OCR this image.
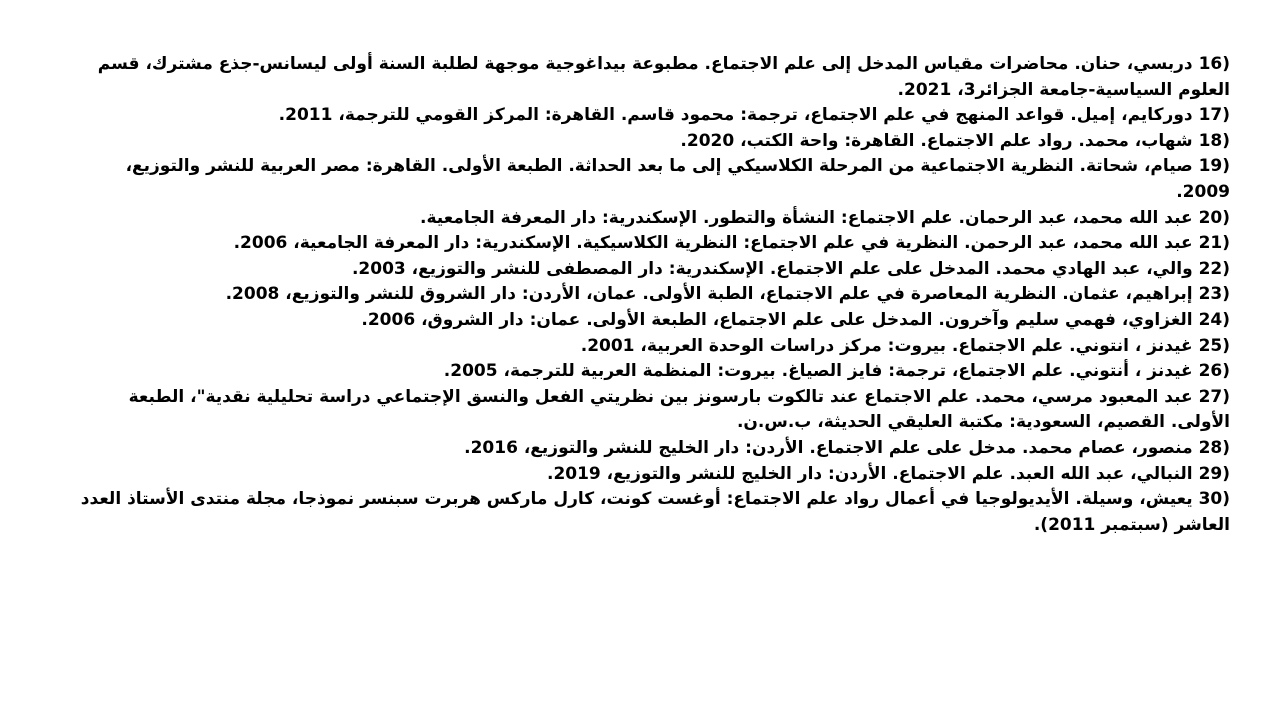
16) دربسي، حنان. محاضرات مقياس المدخل إلى علم الاجتماع. مطبوعة بيداغوجية موجهة لطلبة السنة أولى ليسانس-جذع مشترك، قسم العلوم السياسية-جامعة الجزائر3، 2021.
17) دوركايم، إميل. قواعد المنهج في علم الاجتماع، ترجمة: محمود قاسم. القاهرة: المركز القومي للترجمة، 2011.
18) شهاب، محمد. رواد علم الاجتماع. القاهرة: واحة الكتب، 2020.
19) صيام، شحاتة. النظرية الاجتماعية من المرحلة الكلاسيكي إلى ما بعد الحداثة. الطبعة الأولى. القاهرة: مصر العربية للنشر والتوزيع، 2009.
20) عبد الله محمد، عبد الرحمان. علم الاجتماع: النشأة والتطور. الإسكندرية: دار المعرفة الجامعية.
21) عبد الله محمد، عبد الرحمن. النظرية في علم الاجتماع: النظرية الكلاسيكية. الإسكندرية: دار المعرفة الجامعية، 2006.
22) والي، عبد الهادي محمد. المدخل على علم الاجتماع. الإسكندرية: دار المصطفى للنشر والتوزيع، 2003.
23) إبراهيم، عثمان. النظرية المعاصرة في علم الاجتماع، الطبة الأولى. عمان، الأردن: دار الشروق للنشر والتوزيع، 2008.
24) الغزاوي، فهمي سليم وآخرون. المدخل على علم الاجتماع، الطبعة الأولى. عمان: دار الشروق، 2006.
25) غيدنز ، انتوني. علم الاجتماع. بيروت: مركز دراسات الوحدة العربية، 2001.
26) غيدنز ، أنتوني. علم الاجتماع، ترجمة: فايز الصياغ. بيروت: المنظمة العربية للترجمة، 2005.
27) عبد المعبود مرسي، محمد. علم الاجتماع عند تالكوت بارسونز بين نظريتي الفعل والنسق الإجتماعي دراسة تحليلية نقدية"، الطبعة الأولى. القصيم، السعودية: مكتبة العليقي الحديثة، ب.س.ن.
28) منصور، عصام محمد. مدخل على علم الاجتماع. الأردن: دار الخليج للنشر والتوزيع، 2016.
29) النبالي، عبد الله العبد. علم الاجتماع. الأردن: دار الخليج للنشر والتوزيع، 2019.
30) يعيش، وسيلة. الأيديولوجيا في أعمال رواد علم الاجتماع: أوغست كونت، كارل ماركس هربرت سبنسر نموذجا، مجلة منتدى الأستاذ العدد العاشر (سبتمبر 2011).
